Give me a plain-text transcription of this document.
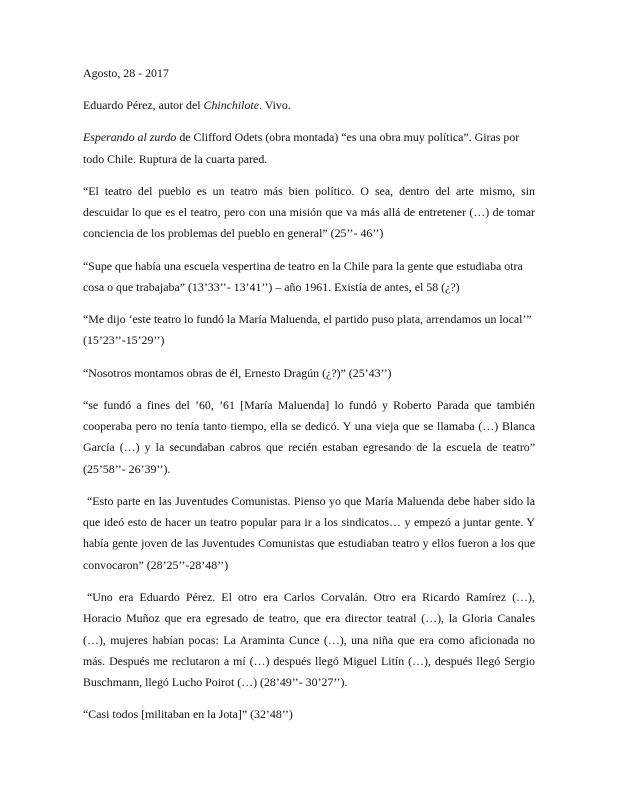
Agosto, 28 - 2017

Eduardo Pérez, autor del Chinchilote. Vivo.

Esperando al zurdo de Clifford Odets (obra montada) “es una obra muy política”. Giras por todo Chile. Ruptura de la cuarta pared.

“El teatro del pueblo es un teatro más bien político. O sea, dentro del arte mismo, sin descuidar lo que es el teatro, pero con una misión que va más allá de entretener (…) de tomar conciencia de los problemas del pueblo en general” (25’’- 46’’)

“Supe que había una escuela vespertina de teatro en la Chile para la gente que estudiaba otra cosa o que trabajaba” (13’33’’- 13’41’’) – año 1961. Existía de antes, el 58 (¿?)

“Me dijo ‘este teatro lo fundó la María Maluenda, el partido puso plata, arrendamos un local’” (15’23’’-15’29’’)

“Nosotros montamos obras de él, Ernesto Dragún (¿?)” (25’43’’)

“se fundó a fines del ’60, ’61 [María Maluenda] lo fundó y Roberto Parada que también cooperaba pero no tenía tanto tiempo, ella se dedicó. Y una vieja que se llamaba (…) Blanca García (…) y la secundaban cabros que recién estaban egresando de la escuela de teatro” (25’58’’- 26’39’’).

“Esto parte en las Juventudes Comunistas. Pienso yo que María Maluenda debe haber sido la que ideó esto de hacer un teatro popular para ir a los sindicatos… y empezó a juntar gente. Y había gente joven de las Juventudes Comunistas que estudiaban teatro y ellos fueron a los que convocaron” (28’25’’-28’48’’)

“Uno era Eduardo Pérez. El otro era Carlos Corvalán. Otro era Ricardo Ramírez (…), Horacio Muñoz que era egresado de teatro, que era director teatral (…), la Gloria Canales (…), mujeres habían pocas: La Araminta Cunce (…), una niña que era como aficionada no más. Después me reclutaron a mí (…) después llegó Miguel Litín (…), después llegó Sergio Buschmann, llegó Lucho Poirot (…) (28’49’’- 30’27’’).

“Casi todos [militaban en la Jota]” (32’48’’)
